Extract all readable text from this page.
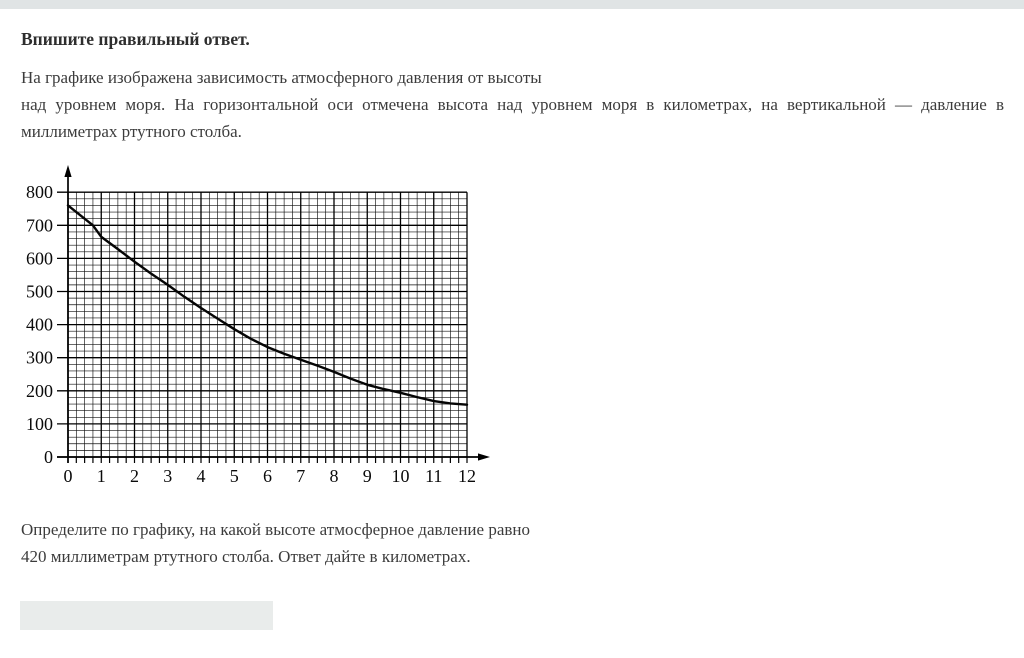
Впишите правильный ответ.

На графике изображена зависимость атмосферного давления от высоты
над уровнем моря. На горизонтальной оси отмечена высота над уровнем моря в километрах, на вертикальной — давление в
миллиметрах ртутного столба.

0
100
200
300
400
500
600
700
800
0 1 2 3 4 5 6 7 8 9 10 11 12

Определите по графику, на какой высоте атмосферное давление равно
420 миллиметрам ртутного столба. Ответ дайте в километрах.
